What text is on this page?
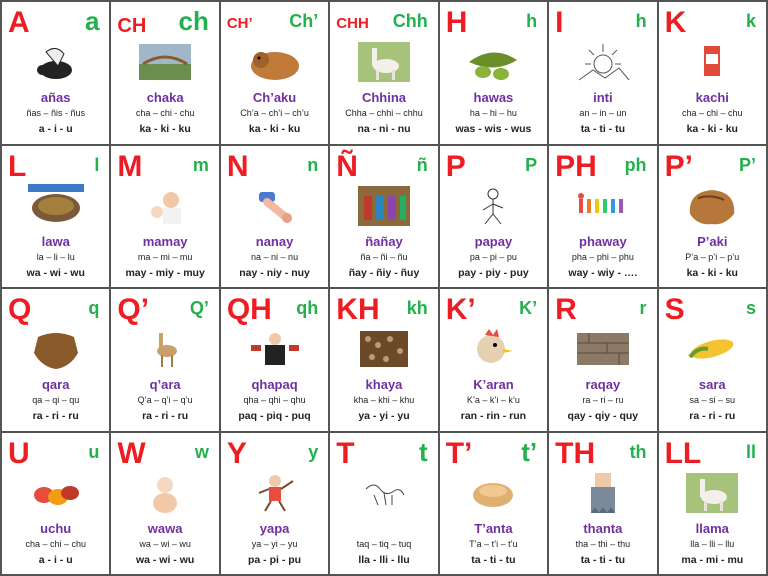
A a
añas
ñas – ñis - ñus
a - i - u
CH ch
chaka
cha – chi - chu
ka - ki - ku
CH’ Ch’
Ch’aku
Ch’a – ch’i – ch’u
ka - ki - ku
CHH Chh
Chhina
Chha – chhi – chhu
na - ni - nu
H	h
hawas
ha – hi – hu
was - wis - wus
I	h
inti
an – in – un
ta - ti - tu
K	k
kachi
cha – chi – chu
ka - ki - ku
L	l
lawa
la – li – lu
wa - wi - wu
M	m
mamay
ma – mi – mu
may - miy - muy
N	n
nanay
na – ni – nu
nay - niy - nuy
Ñ	ñ
ñañay
ña – ñi – ñu
ñay - ñiy - ñuy
P	P
papay
pa – pi – pu
pay - piy - puy
PH ph
phaway
pha – phi – phu
way - wiy - ….
P’	P’
P’aki
P’a – p’i – p’u
ka - ki - ku
Q	q
qara
qa – qi – qu
ra - ri - ru
Q’ Q’
q’ara
Q’a – q’i – q’u
ra - ri - ru
QH qh
qhapaq
qha – qhi – qhu
paq - piq - puq
KH kh
khaya
kha – khi – khu
ya - yi - yu
K’ K’
K’aran
K’a – k’i – k’u
ran - rin - run
R	r
raqay
ra – ri – ru
qay - qiy - quy
S	s
sara
sa – si – su
ra - ri - ru
U	u
uchu
cha – chi – chu
a - i - u
W	w
wawa
wa – wi – wu
wa - wi - wu
Y	y
yapa
ya – yi – yu
pa - pi - pu
T t
taq – tiq – tuq
lla - lli - llu
T’ t’
T’anta
T’a – t’i – t’u
ta - ti - tu
TH th
thanta
tha – thi – thu
ta - ti - tu
LL ll
llama
lla – lli – llu
ma - mi - mu
